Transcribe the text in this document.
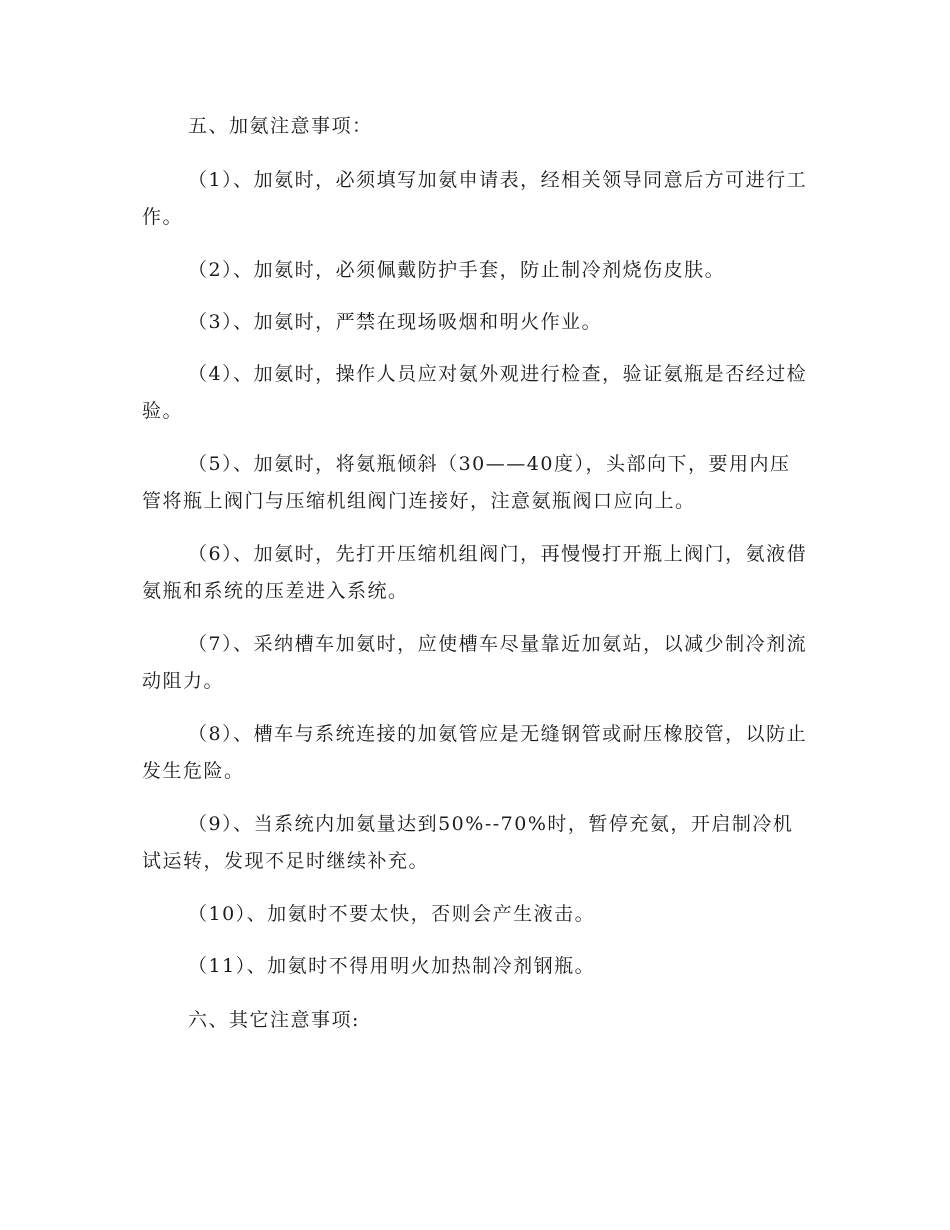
五、加氨注意事项：

（1）、加氨时，必须填写加氨申请表，经相关领导同意后方可进行工作。

（2）、加氨时，必须佩戴防护手套，防止制冷剂烧伤皮肤。

（3）、加氨时，严禁在现场吸烟和明火作业。

（4）、加氨时，操作人员应对氨外观进行检查，验证氨瓶是否经过检验。

（5）、加氨时，将氨瓶倾斜（30——40度），头部向下，要用内压管将瓶上阀门与压缩机组阀门连接好，注意氨瓶阀口应向上。

（6）、加氨时，先打开压缩机组阀门，再慢慢打开瓶上阀门，氨液借氨瓶和系统的压差进入系统。

（7）、采纳槽车加氨时，应使槽车尽量靠近加氨站，以减少制冷剂流动阻力。

（8）、槽车与系统连接的加氨管应是无缝钢管或耐压橡胶管，以防止发生危险。

（9）、当系统内加氨量达到50%--70%时，暂停充氨，开启制冷机试运转，发现不足时继续补充。

（10）、加氨时不要太快，否则会产生液击。

（11）、加氨时不得用明火加热制冷剂钢瓶。

六、其它注意事项:
